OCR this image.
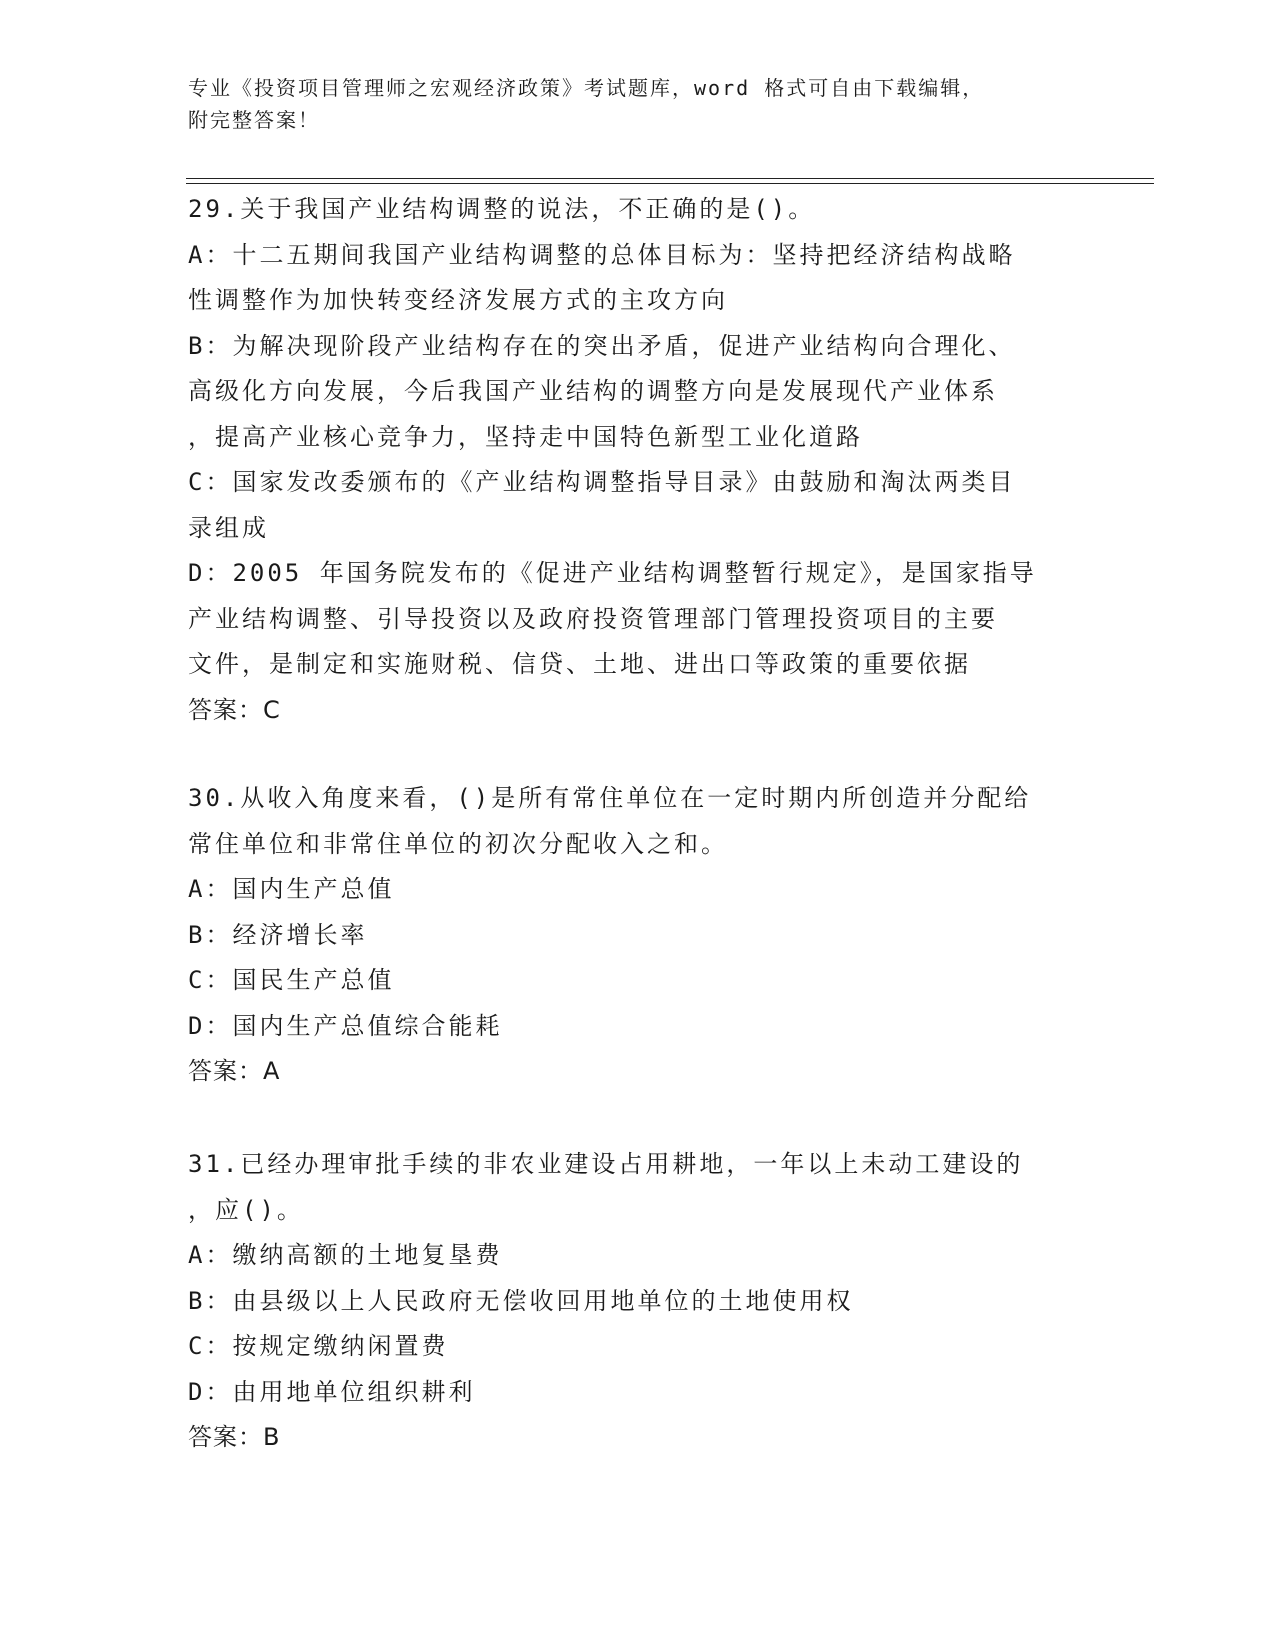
专业《投资项目管理师之宏观经济政策》考试题库，word 格式可自由下载编辑，
附完整答案！
29.关于我国产业结构调整的说法，不正确的是()。
A：十二五期间我国产业结构调整的总体目标为：坚持把经济结构战略
性调整作为加快转变经济发展方式的主攻方向
B：为解决现阶段产业结构存在的突出矛盾，促进产业结构向合理化、
高级化方向发展，今后我国产业结构的调整方向是发展现代产业体系
，提高产业核心竞争力，坚持走中国特色新型工业化道路
C：国家发改委颁布的《产业结构调整指导目录》由鼓励和淘汰两类目
录组成
D：2005 年国务院发布的《促进产业结构调整暂行规定》，是国家指导
产业结构调整、引导投资以及政府投资管理部门管理投资项目的主要
文件，是制定和实施财税、信贷、土地、进出口等政策的重要依据
答案：C
30.从收入角度来看，()是所有常住单位在一定时期内所创造并分配给
常住单位和非常住单位的初次分配收入之和。
A：国内生产总值
B：经济增长率
C：国民生产总值
D：国内生产总值综合能耗
答案：A
31.已经办理审批手续的非农业建设占用耕地，一年以上未动工建设的
，应()。
A：缴纳高额的土地复垦费
B：由县级以上人民政府无偿收回用地单位的土地使用权
C：按规定缴纳闲置费
D：由用地单位组织耕利
答案：B
